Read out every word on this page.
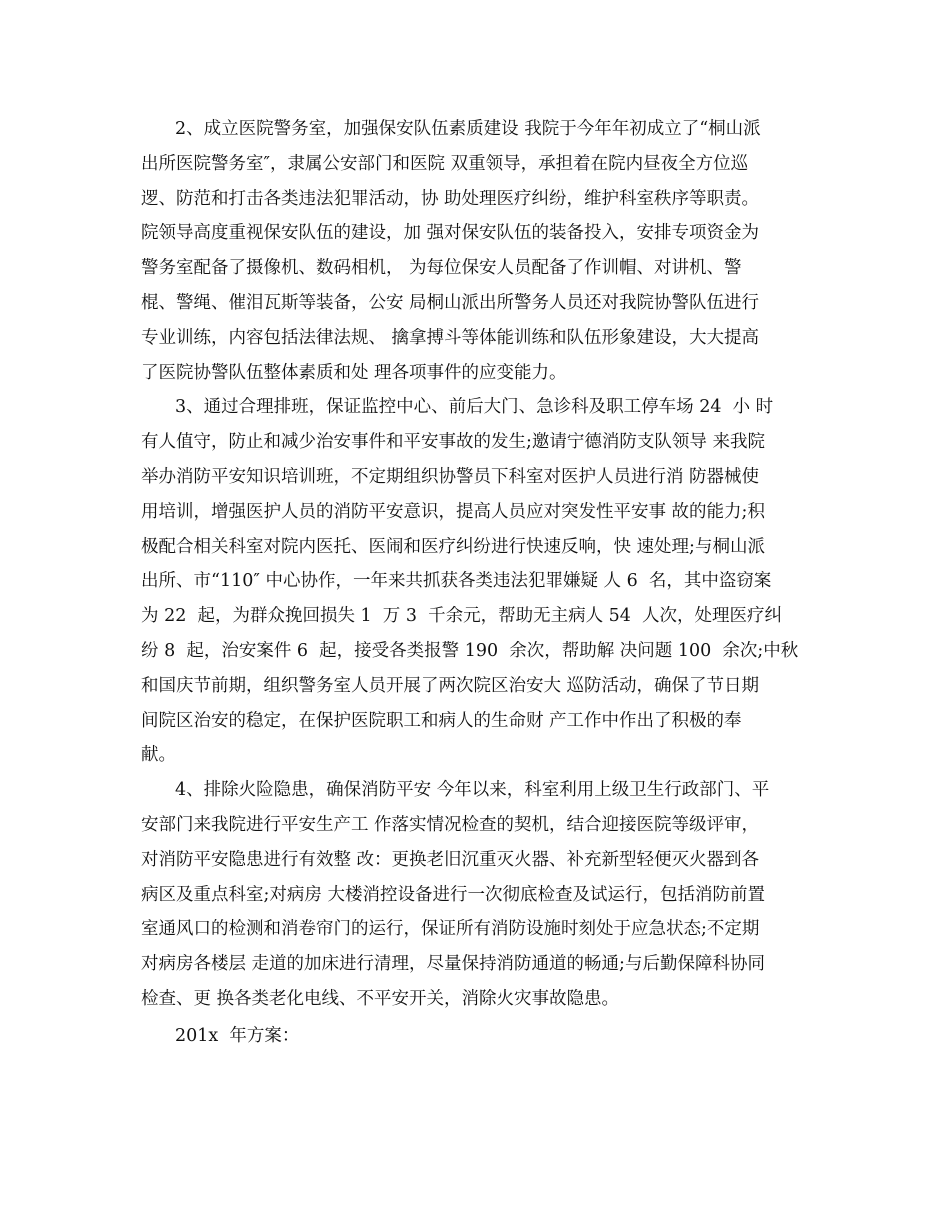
2、成立医院警务室，加强保安队伍素质建设 我院于今年年初成立了“桐山派
出所医院警务室″，隶属公安部门和医院 双重领导，承担着在院内昼夜全方位巡
逻、防范和打击各类违法犯罪活动，协 助处理医疗纠纷，维护科室秩序等职责。
院领导高度重视保安队伍的建设，加 强对保安队伍的装备投入，安排专项资金为
警务室配备了摄像机、数码相机， 为每位保安人员配备了作训帽、对讲机、警
棍、警绳、催泪瓦斯等装备，公安 局桐山派出所警务人员还对我院协警队伍进行
专业训练，内容包括法律法规、 擒拿搏斗等体能训练和队伍形象建设，大大提高
了医院协警队伍整体素质和处 理各项事件的应变能力。
3、通过合理排班，保证监控中心、前后大门、急诊科及职工停车场 24  小 时
有人值守，防止和减少治安事件和平安事故的发生;邀请宁德消防支队领导 来我院
举办消防平安知识培训班，不定期组织协警员下科室对医护人员进行消 防器械使
用培训，增强医护人员的消防平安意识，提高人员应对突发性平安事 故的能力;积
极配合相关科室对院内医托、医闹和医疗纠纷进行快速反响，快 速处理;与桐山派
出所、市“110″ 中心协作，一年来共抓获各类违法犯罪嫌疑 人 6  名，其中盗窃案
为 22  起，为群众挽回损失 1  万 3  千余元，帮助无主病人 54  人次，处理医疗纠
纷 8  起，治安案件 6  起，接受各类报警 190  余次，帮助解 决问题 100  余次;中秋
和国庆节前期，组织警务室人员开展了两次院区治安大 巡防活动，确保了节日期
间院区治安的稳定，在保护医院职工和病人的生命财 产工作中作出了积极的奉
献。
4、排除火险隐患，确保消防平安 今年以来，科室利用上级卫生行政部门、平
安部门来我院进行平安生产工 作落实情况检查的契机，结合迎接医院等级评审，
对消防平安隐患进行有效整 改：更换老旧沉重灭火器、补充新型轻便灭火器到各
病区及重点科室;对病房 大楼消控设备进行一次彻底检查及试运行，包括消防前置
室通风口的检测和消卷帘门的运行，保证所有消防设施时刻处于应急状态;不定期
对病房各楼层 走道的加床进行清理，尽量保持消防通道的畅通;与后勤保障科协同
检查、更 换各类老化电线、不平安开关，消除火灾事故隐患。
201x  年方案：
